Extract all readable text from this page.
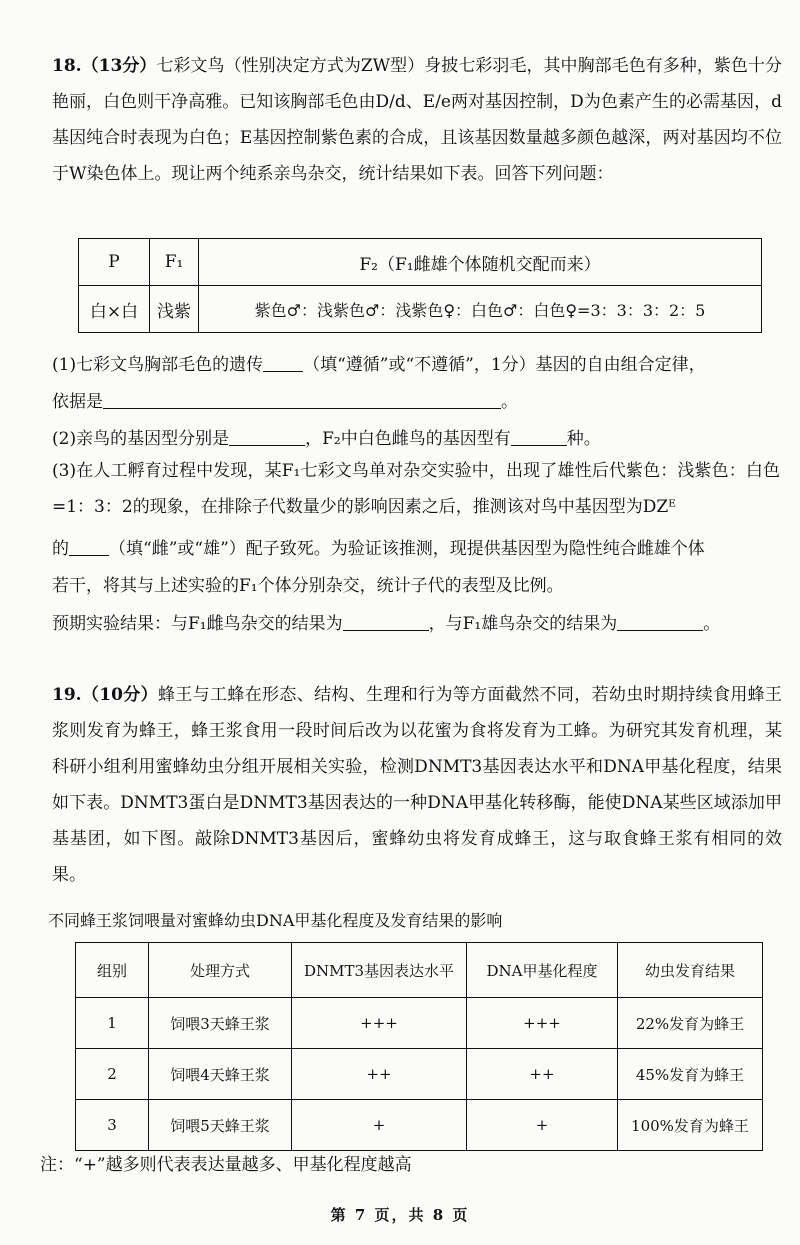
18.（13分）七彩文鸟（性别决定方式为ZW型）身披七彩羽毛，其中胸部毛色有多种，紫色十分艳丽，白色则干净高雅。已知该胸部毛色由D/d、E/e两对基因控制，D为色素产生的必需基因，d基因纯合时表现为白色；E基因控制紫色素的合成，且该基因数量越多颜色越深，两对基因均不位于W染色体上。现让两个纯系亲鸟杂交，统计结果如下表。回答下列问题：
P	F₁	F₂（F₁雌雄个体随机交配而来）
白×白	浅紫	紫色♂：浅紫色♂：浅紫色♀：白色♂：白色♀=3：3：3：2：5
(1)七彩文鸟胸部毛色的遗传 （填“遵循”或“不遵循”，1分）基因的自由组合定律，
依据是	。
(2)亲鸟的基因型分别是	，F₂中白色雌鸟的基因型有	种。
(3)在人工孵育过程中发现，某F₁七彩文鸟单对杂交实验中，出现了雄性后代紫色：浅紫色：白色=1：3：2的现象，在排除子代数量少的影响因素之后，推测该对鸟中基因型为DZᴱ
的 （填“雌”或“雄”）配子致死。为验证该推测，现提供基因型为隐性纯合雌雄个体
若干，将其与上述实验的F₁个体分别杂交，统计子代的表型及比例。
预期实验结果：与F₁雌鸟杂交的结果为	，与F₁雄鸟杂交的结果为	。
19.（10分）蜂王与工蜂在形态、结构、生理和行为等方面截然不同，若幼虫时期持续食用蜂王浆则发育为蜂王，蜂王浆食用一段时间后改为以花蜜为食将发育为工蜂。为研究其发育机理，某科研小组利用蜜蜂幼虫分组开展相关实验，检测DNMT3基因表达水平和DNA甲基化程度，结果如下表。DNMT3蛋白是DNMT3基因表达的一种DNA甲基化转移酶，能使DNA某些区域添加甲基基团，如下图。敲除DNMT3基因后，蜜蜂幼虫将发育成蜂王，这与取食蜂王浆有相同的效果。
不同蜂王浆饲喂量对蜜蜂幼虫DNA甲基化程度及发育结果的影响
组别	处理方式	DNMT3基因表达水平	DNA甲基化程度	幼虫发育结果
1	饲喂3天蜂王浆	+++	+++	22%发育为蜂王
2	饲喂4天蜂王浆	++	++	45%发育为蜂王
3	饲喂5天蜂王浆	+	+	100%发育为蜂王
注：“+”越多则代表表达量越多、甲基化程度越高
第 7 页，共 8 页
